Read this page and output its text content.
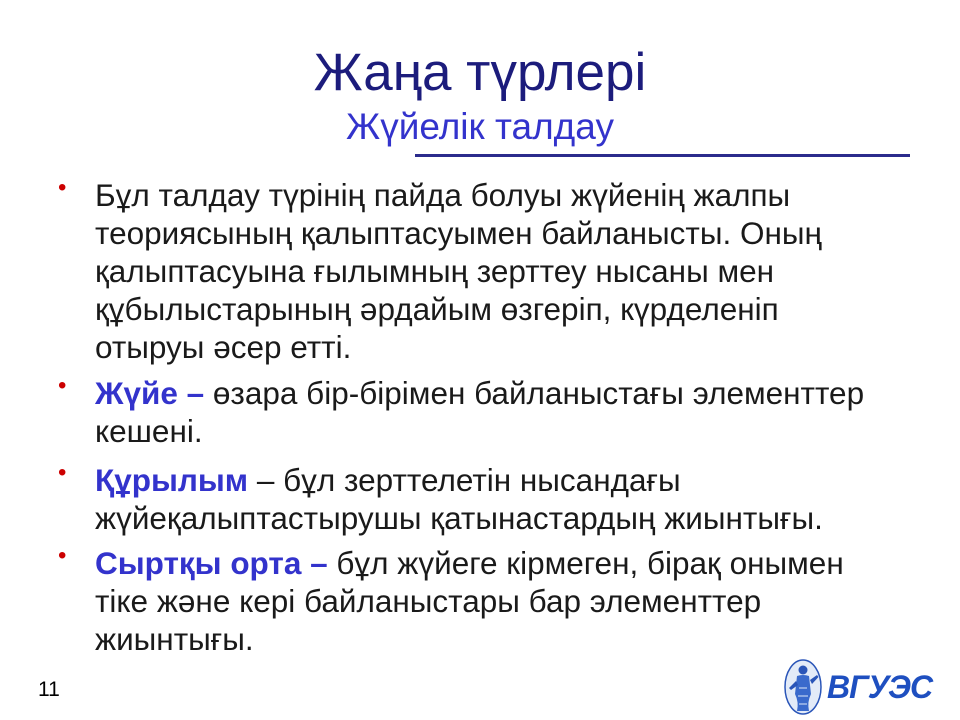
Жаңа түрлері
Жүйелік талдау
• Бұл талдау түрінің пайда болуы жүйенің жалпы
теориясының қалыптасуымен байланысты. Оның
қалыптасуына ғылымның зерттеу нысаны мен
құбылыстарының әрдайым өзгеріп, күрделеніп
отыруы әсер етті.
• Жүйе – өзара бір-бірімен байланыстағы элементтер
кешені.
• Құрылым – бұл зерттелетін нысандағы
жүйеқалыптастырушы қатынастардың жиынтығы.
• Сыртқы орта – бұл жүйеге кірмеген, бірақ онымен
тіке және кері байланыстары бар элементтер
жиынтығы.
11	ВГУЭС
